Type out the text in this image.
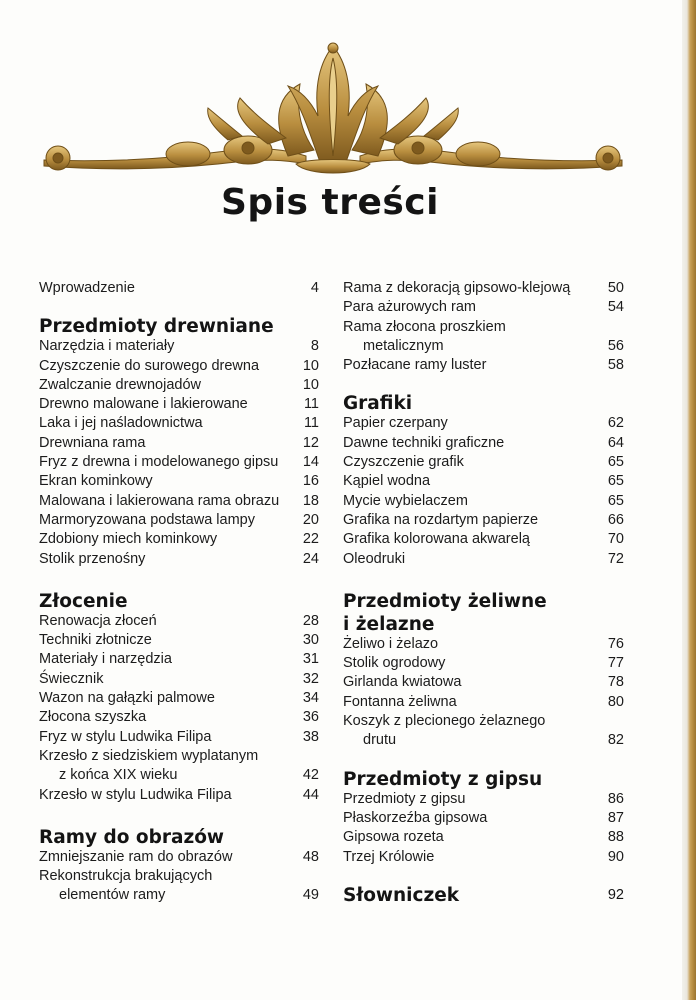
Spis treści
Wprowadzenie	4
Przedmioty drewniane
Narzędzia i materiały	8
Czyszczenie do surowego drewna	10
Zwalczanie drewnojadów	10
Drewno malowane i lakierowane	11
Laka i jej naśladownictwa	11
Drewniana rama	12
Fryz z drewna i modelowanego gipsu 14
Ekran kominkowy	16
Malowana i lakierowana rama obrazu 18
Marmoryzowana podstawa lampy	20
Zdobiony miech kominkowy	22
Stolik przenośny	24
Złocenie
Renowacja złoceń	28
Techniki złotnicze	30
Materiały i narzędzia	31
Świecznik	32
Wazon na gałązki palmowe	34
Złocona szyszka	36
Fryz w stylu Ludwika Filipa	38
Krzesło z siedziskiem wyplatanym
z końca XIX wieku	42
Krzesło w stylu Ludwika Filipa	44
Ramy do obrazów
Zmniejszanie ram do obrazów	48
Rekonstrukcja brakujących
elementów ramy	49
Rama z dekoracją gipsowo-klejową	50
Para ażurowych ram	54
Rama złocona proszkiem
metalicznym	56
Pozłacane ramy luster	58
Grafiki
Papier czerpany	62
Dawne techniki graficzne	64
Czyszczenie grafik	65
Kąpiel wodna	65
Mycie wybielaczem	65
Grafika na rozdartym papierze	66
Grafika kolorowana akwarelą	70
Oleodruki	72
Przedmioty żeliwne
i żelazne
Żeliwo i żelazo	76
Stolik ogrodowy	77
Girlanda kwiatowa	78
Fontanna żeliwna	80
Koszyk z plecionego żelaznego
drutu	82
Przedmioty z gipsu
Przedmioty z gipsu	86
Płaskorzeźba gipsowa	87
Gipsowa rozeta	88
Trzej Królowie	90
Słowniczek	92
